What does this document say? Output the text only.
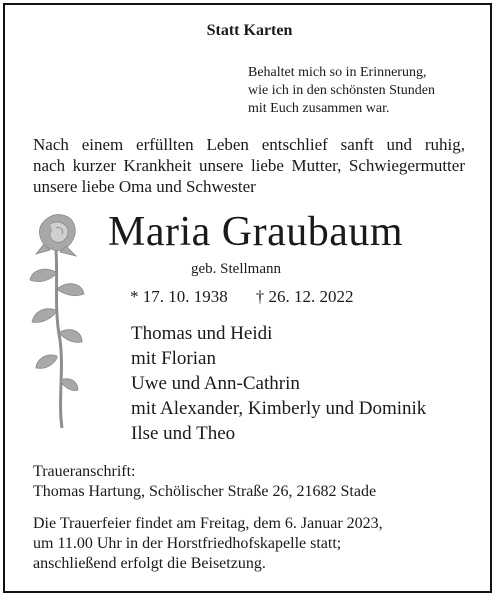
Statt Karten
Behaltet mich so in Erinnerung,
wie ich in den schönsten Stunden
mit Euch zusammen war.
Nach einem erfüllten Leben entschlief sanft und ruhig,
nach kurzer Krankheit unsere liebe Mutter, Schwiegermutter
unsere liebe Oma und Schwester
Maria Graubaum
geb. Stellmann
* 17. 10. 1938 † 26. 12. 2022
Thomas und Heidi
mit Florian
Uwe und Ann-Cathrin
mit Alexander, Kimberly und Dominik
Ilse und Theo
Traueranschrift:
Thomas Hartung, Schölischer Straße 26, 21682 Stade
Die Trauerfeier findet am Freitag, dem 6. Januar 2023,
um 11.00 Uhr in der Horstfriedhofskapelle statt;
anschließend erfolgt die Beisetzung.
